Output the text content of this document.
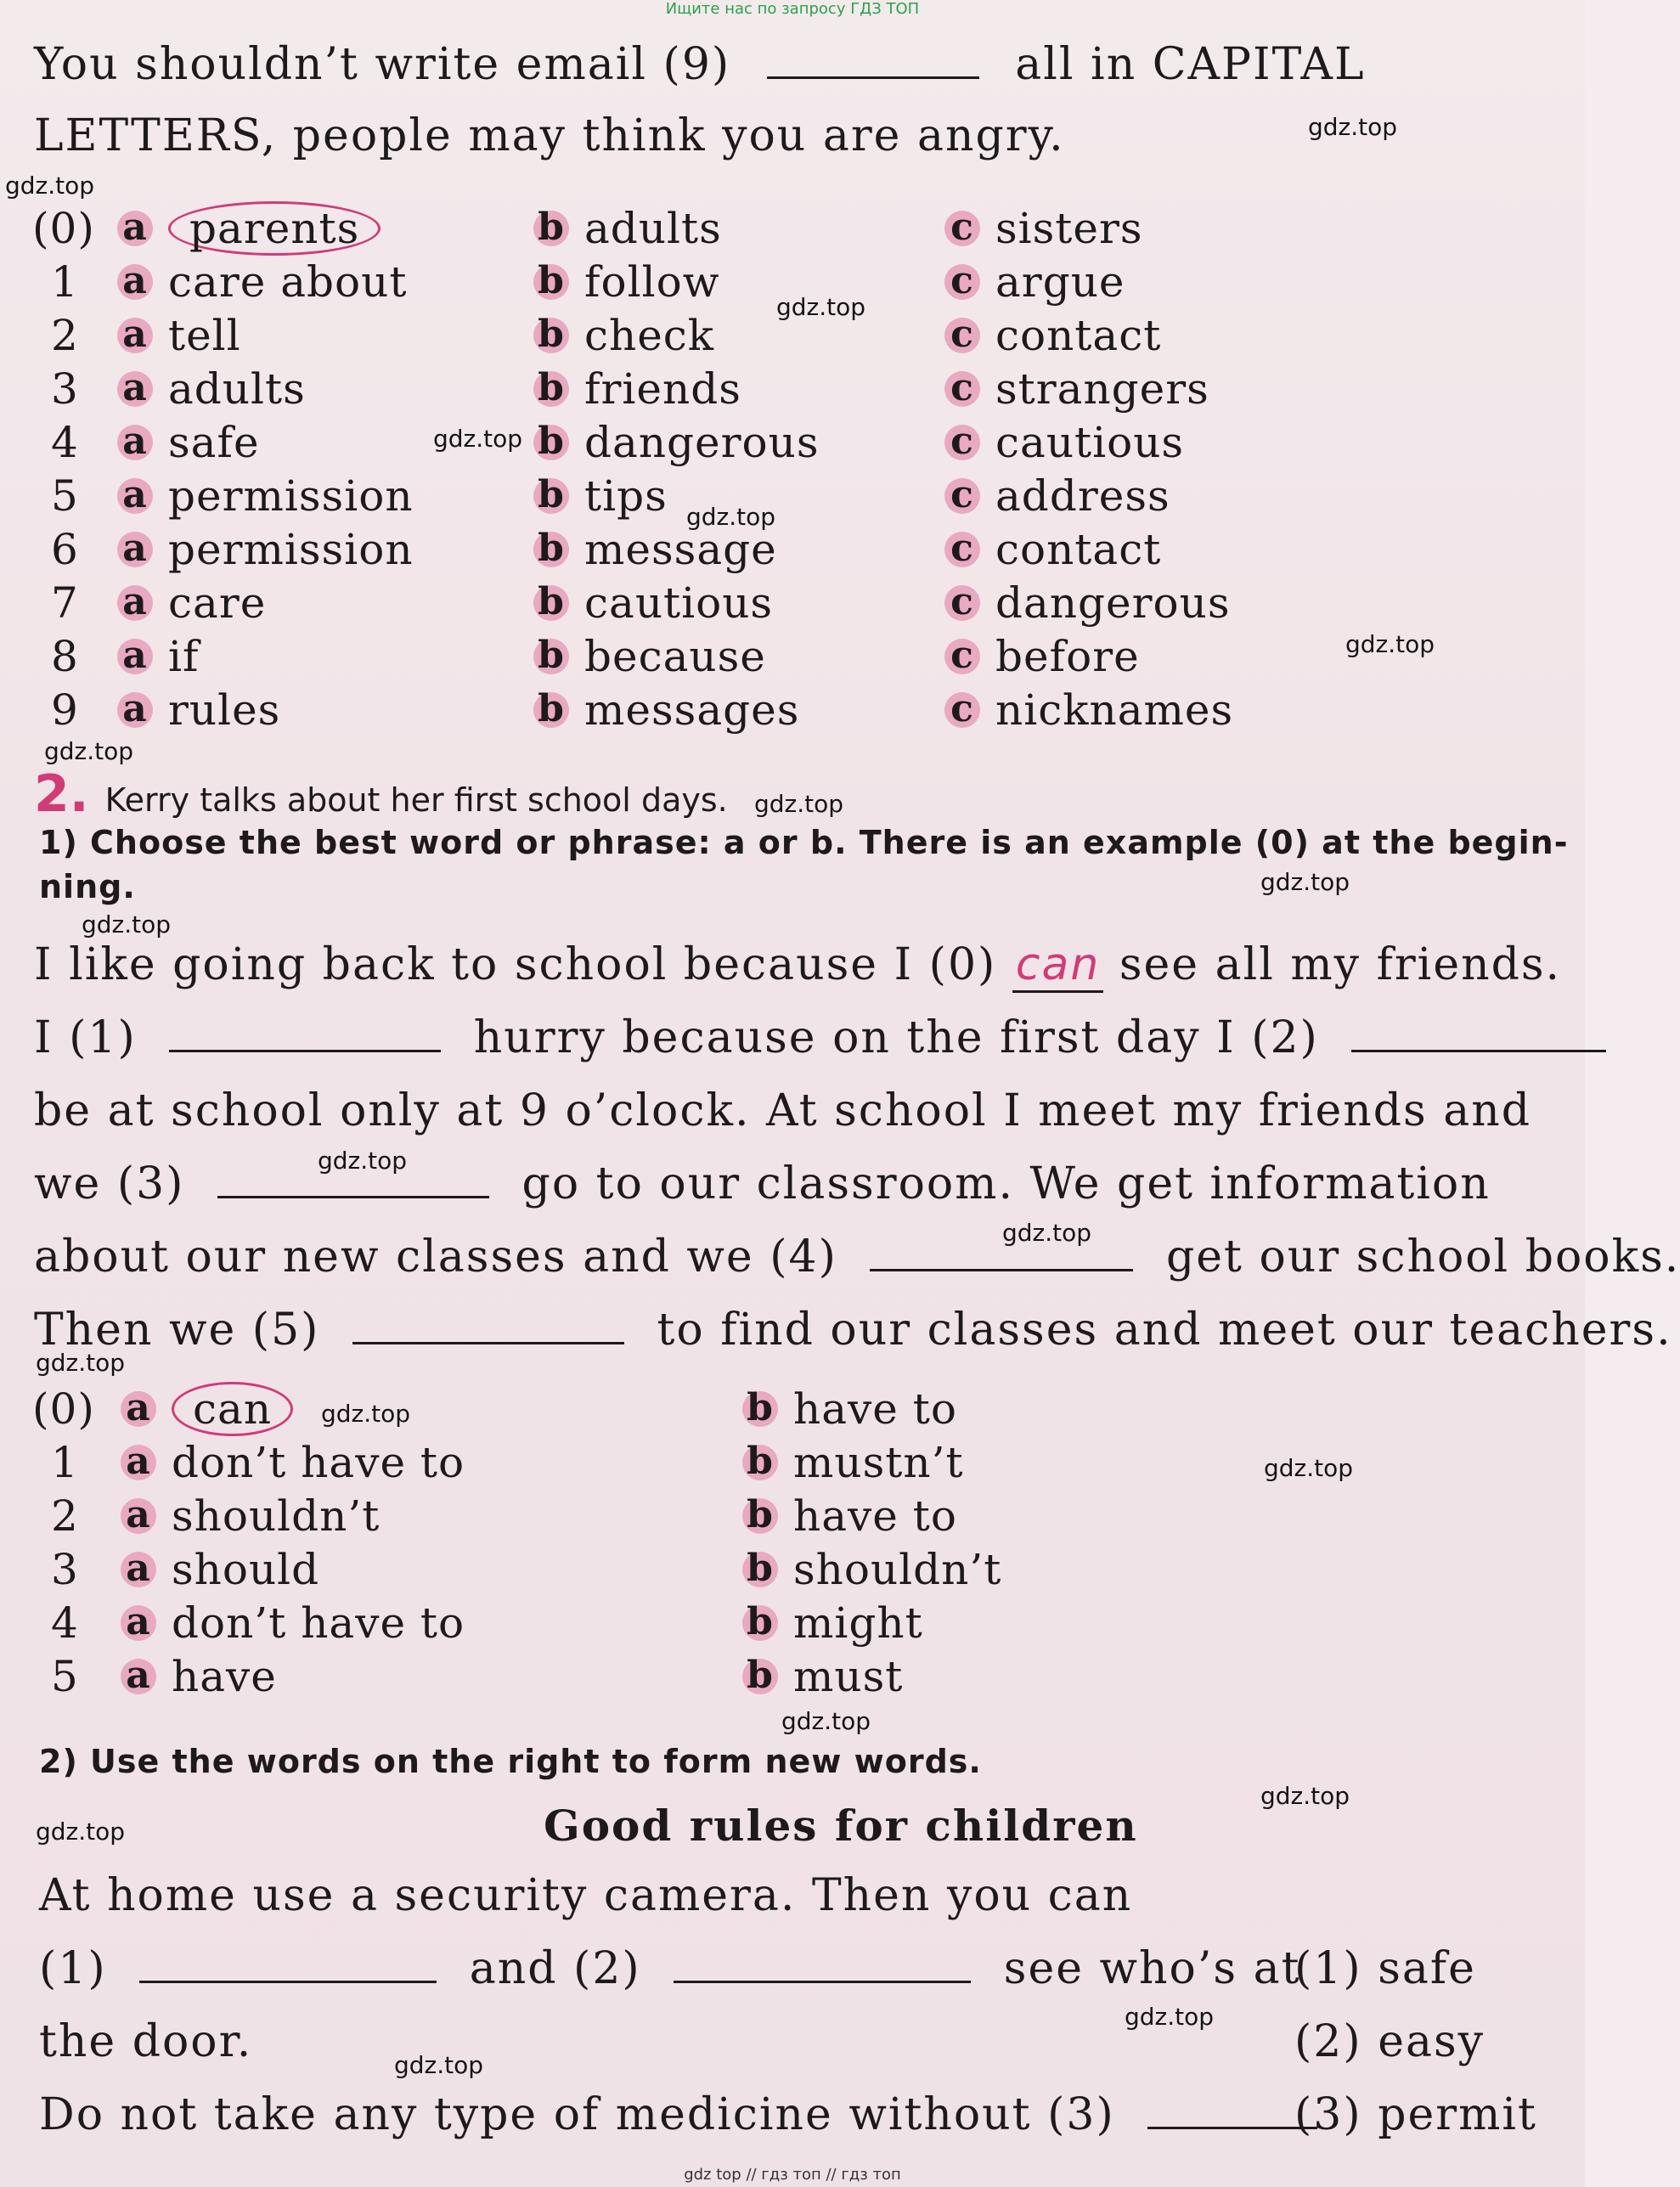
Ищите нас по запросу ГДЗ ТОП
You shouldn’t write email (9)	all in CAPITAL
LETTERS, people may think you are angry.
(0) a parents	b adults	c sisters
1 a care about	b follow	c argue
2 a tell	b check	c contact
3 a adults	b friends	c strangers
4 a safe	b dangerous	c cautious
5 a permission	b tips	c address
6 a permission	b message	c contact
7 a care	b cautious	c dangerous
8 a if	b because	c before
9 a rules	b messages	c nicknames
2. Kerry talks about her first school days.
1) Choose the best word or phrase: a or b. There is an example (0) at the begin-
ning.
I like going back to school because I (0) can see all my friends.
I (1)	hurry because on the first day I (2)
be at school only at 9 o’clock. At school I meet my friends and
we (3)	go to our classroom. We get information
about our new classes and we (4)	get our school books.
Then we (5)	to find our classes and meet our teachers.
(0) a can	b have to
1 a don’t have to	b mustn’t
2 a shouldn’t	b have to
3 a should	b shouldn’t
4 a don’t have to	b might
5 a have	b must
2) Use the words on the right to form new words.
Good rules for children
At home use a security camera. Then you can
(1)	and (2)	see who’s at
the door.
Do not take any type of medicine without (3)
(1) safe
(2) easy
(3) permit
gdz.top
gdz.top
gdz.top
gdz.top
gdz.top
gdz.top
gdz.top
gdz.top
gdz.top
gdz.top
gdz.top
gdz.top
gdz.top
gdz.top
gdz.top
gdz.top
gdz.top
gdz.top
gdz.top
gdz.top
gdz top // гдз топ // гдз топ
